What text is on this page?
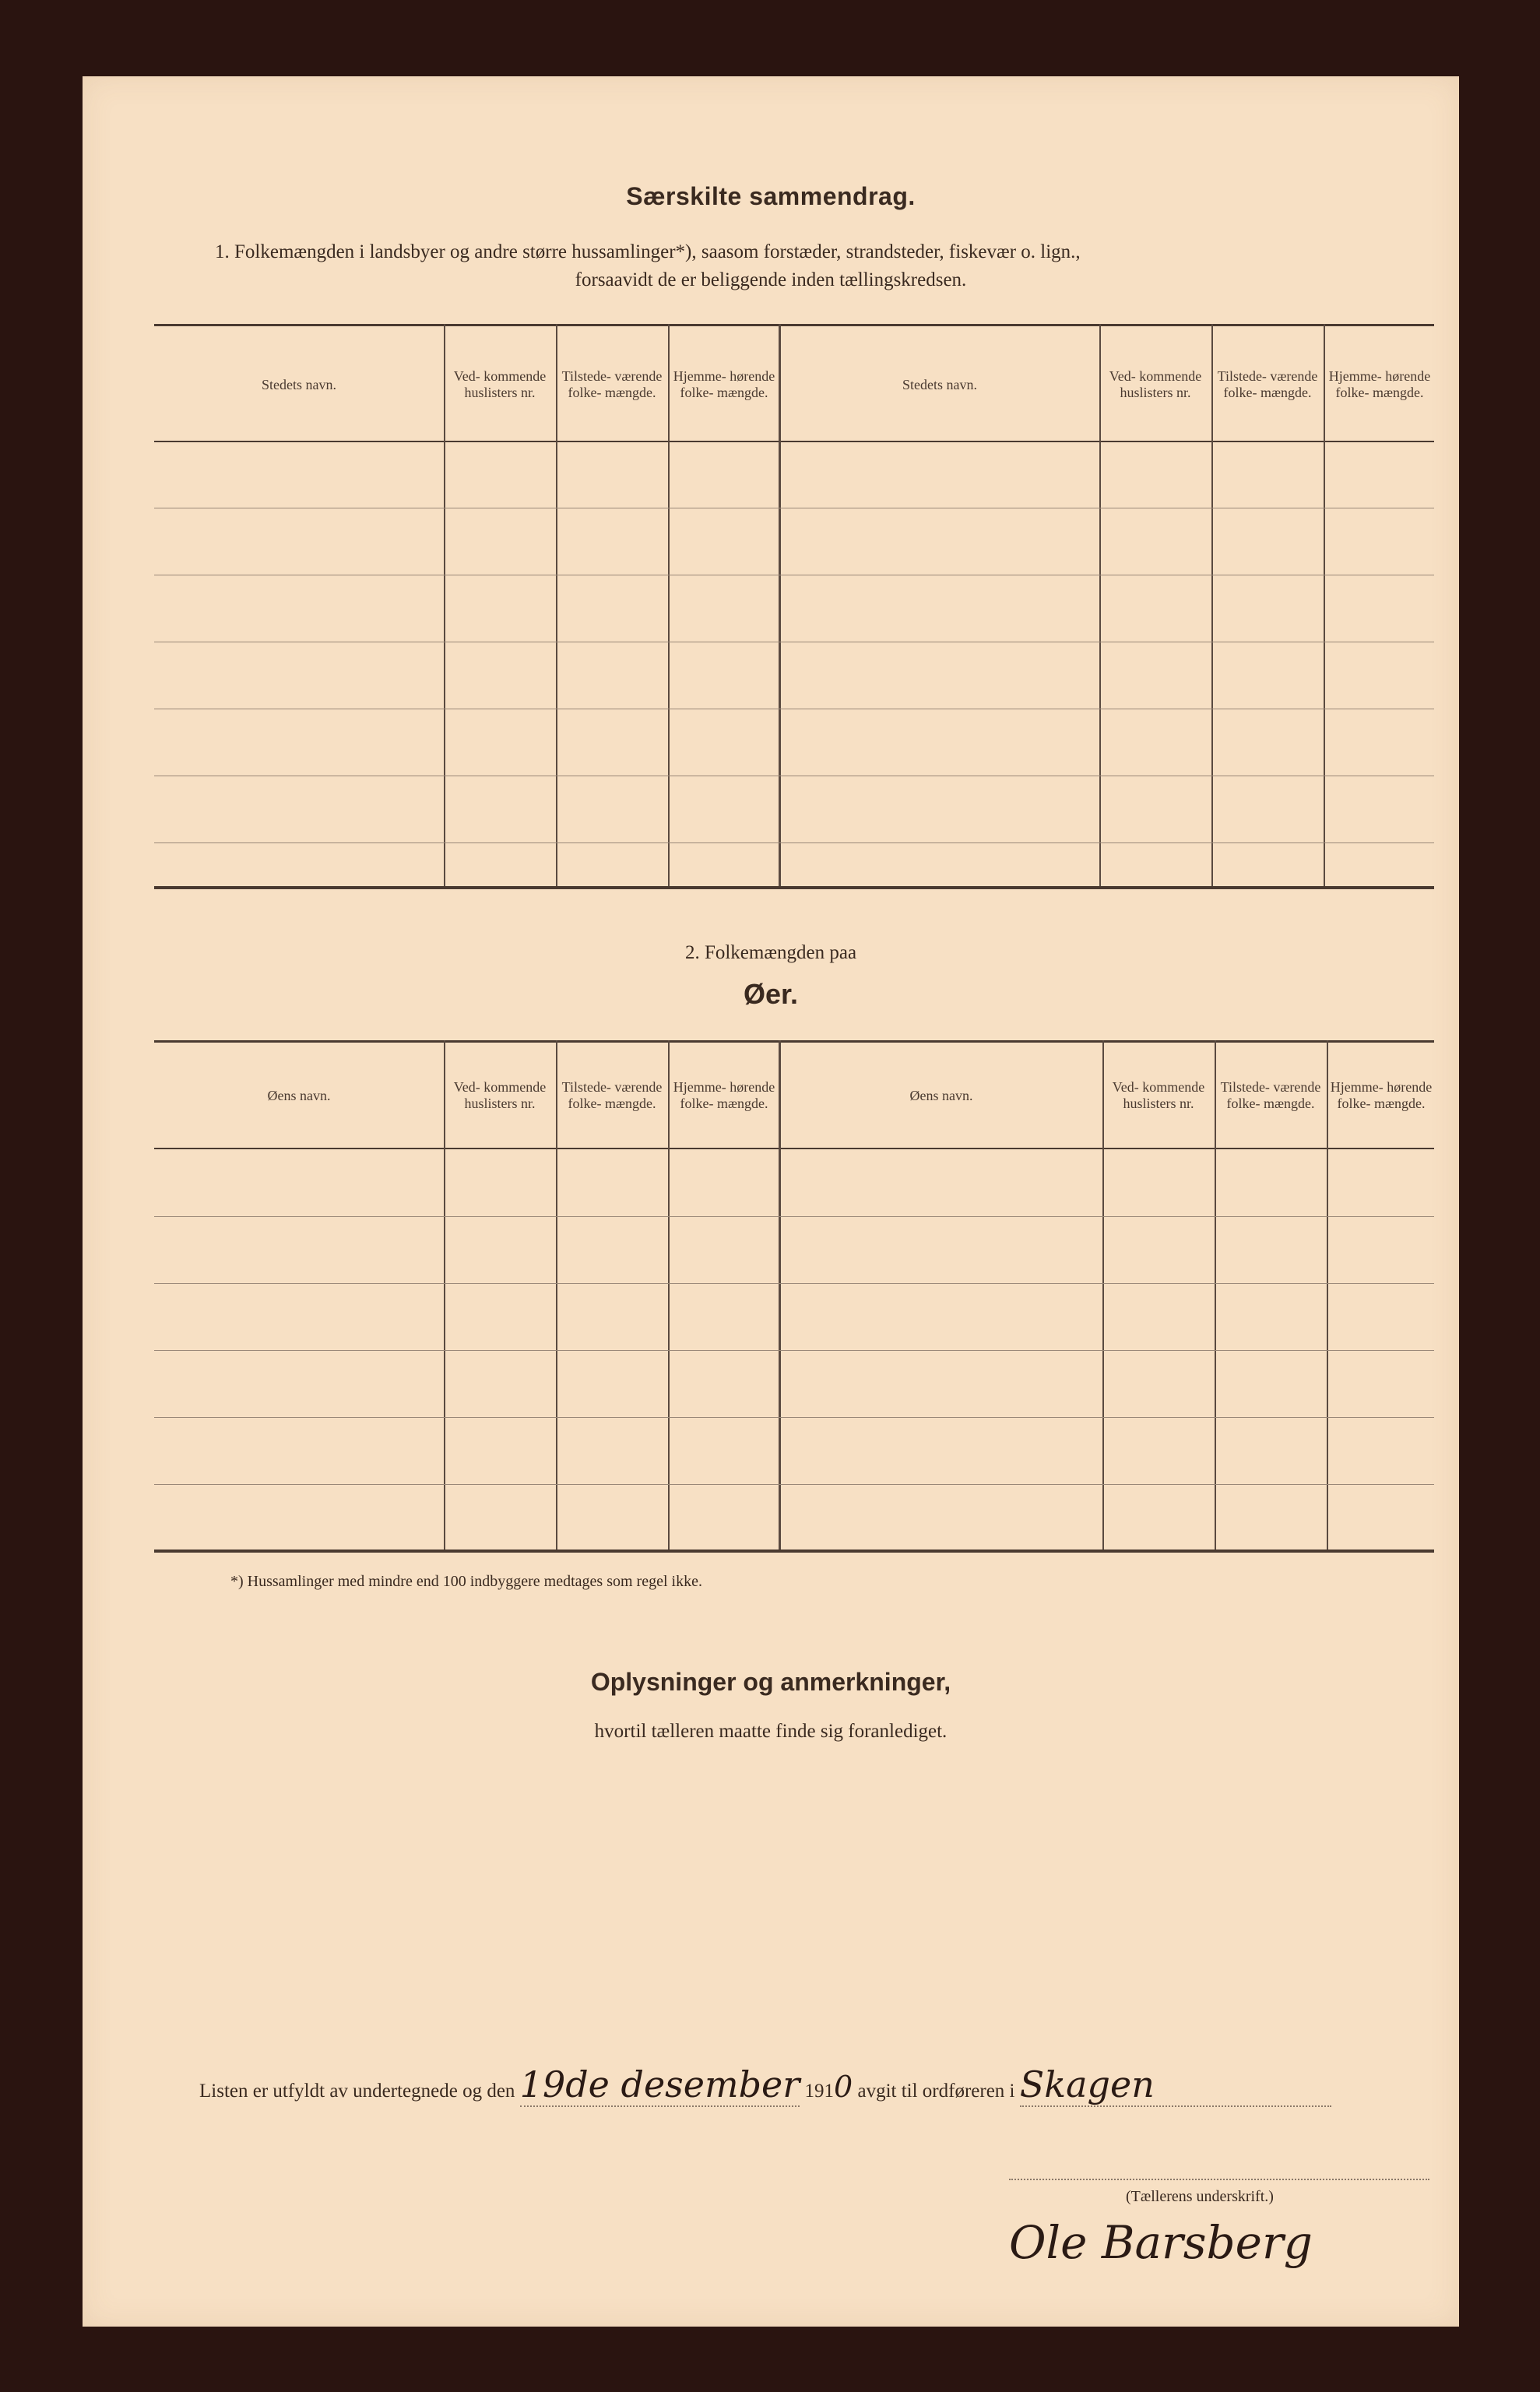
Særskilte sammendrag.
1. Folkemængden i landsbyer og andre større hussamlinger*), saasom forstæder, strandsteder, fiskevær o. lign.,
forsaavidt de er beliggende inden tællingskredsen.
Stedets navn.
Ved- kommende huslisters nr.
Tilstede- værende folke- mængde.
Hjemme- hørende folke- mængde.
Stedets navn.
Ved- kommende huslisters nr.
Tilstede- værende folke- mængde.
Hjemme- hørende folke- mængde.
2. Folkemængden paa
Øer.
Øens navn.
Ved- kommende huslisters nr.
Tilstede- værende folke- mængde.
Hjemme- hørende folke- mængde.
Øens navn.
Ved- kommende huslisters nr.
Tilstede- værende folke- mængde.
Hjemme- hørende folke- mængde.
*) Hussamlinger med mindre end 100 indbyggere medtages som regel ikke.
Oplysninger og anmerkninger,
hvortil tælleren maatte finde sig foranlediget.
Listen er utfyldt av undertegnede og den 19de desember 1910 avgit til ordføreren i Skagen
(Tællerens underskrift.)
Ole Barsberg
